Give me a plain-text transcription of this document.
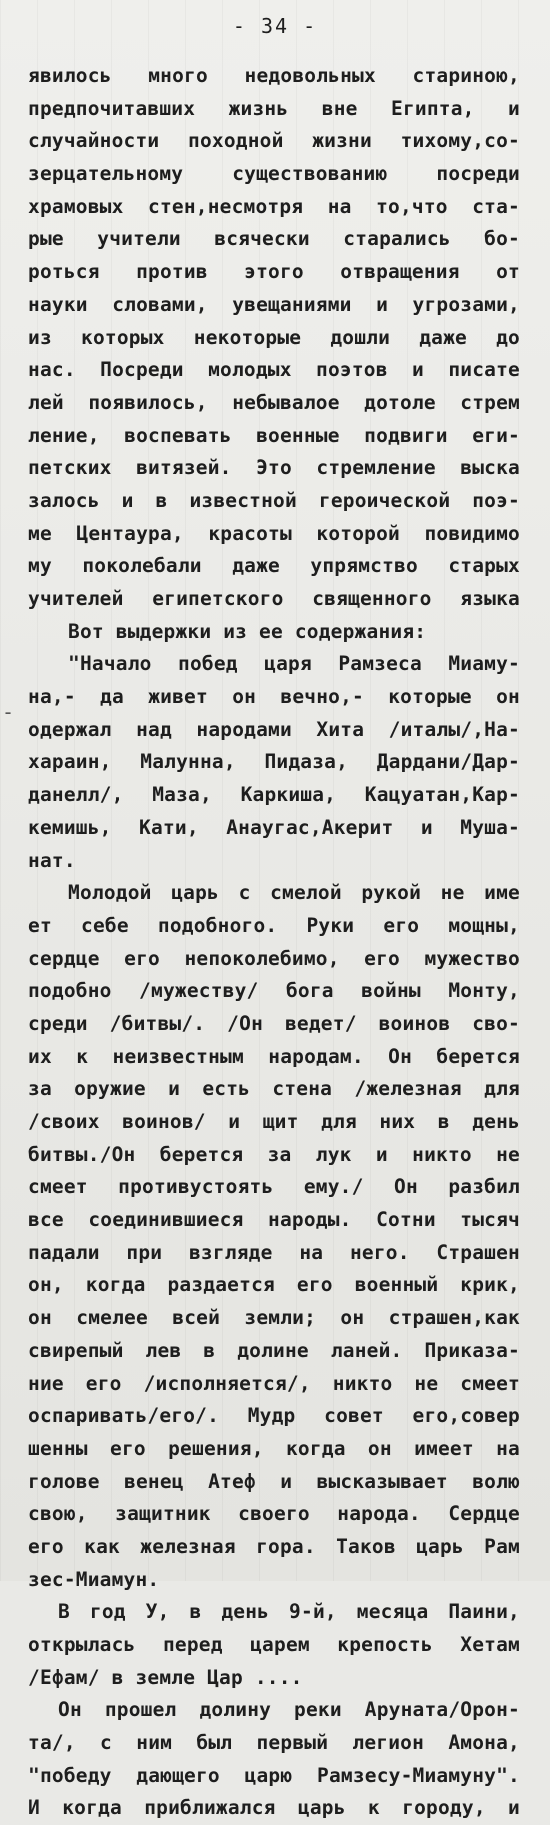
- 34 -
-
явилось много недовольных стариною,
предпочитавших жизнь вне Египта, и
случайности походной жизни тихому,со-
зерцательному существованию посреди
храмовых стен,несмотря на то,что ста-
рые учители всячески старались бо-
роться против этого отвращения от
науки словами, увещаниями и угрозами,
из которых некоторые дошли даже до
нас. Посреди молодых поэтов и писате
лей появилось, небывалое дотоле стрем
ление, воспевать военные подвиги еги-
петских витязей. Это стремление выска
залось и в известной героической поэ-
ме Центаура, красоты которой повидимо
му поколебали даже упрямство старых
учителей египетского священного языка
Вот выдержки из ее содержания:
"Начало побед царя Рамзеса Миаму-
на,- да живет он вечно,- которые он
одержал над народами Хита /италы/,На-
хараин, Малунна, Пидаза, Дардани/Дар-
данелл/, Маза, Каркиша, Кацуатан,Кар-
кемишь, Кати, Анаугас,Акерит и Муша-
нат.
Молодой царь с смелой рукой не име
ет себе подобного. Руки его мощны,
сердце его непоколебимо, его мужество
подобно /мужеству/ бога войны Монту,
среди /битвы/. /Он ведет/ воинов сво-
их к неизвестным народам. Он берется
за оружие и есть стена /железная для
/своих воинов/ и щит для них в день
битвы./Он берется за лук и никто не
смеет противустоять ему./ Он разбил
все соединившиеся народы. Сотни тысяч
падали при взгляде на него. Страшен
он, когда раздается его военный крик,
он смелее всей земли; он страшен,как
свирепый лев в долине ланей. Приказа-
ние его /исполняется/, никто не смеет
оспаривать/его/. Мудр совет его,совер
шенны его решения, когда он имеет на
голове венец Атеф и высказывает волю
свою, защитник своего народа. Сердце
его как железная гора. Таков царь Рам
зес-Миамун.
В год У, в день 9-й, месяца Паини,
открылась перед царем крепость Хетам
/Ефам/ в земле Цар ....
Он прошел долину реки Аруната/Орон-
та/, с ним был первый легион Амона,
"победу дающего царю Рамзесу-Миамуну".
И когда приближался царь к городу, и
